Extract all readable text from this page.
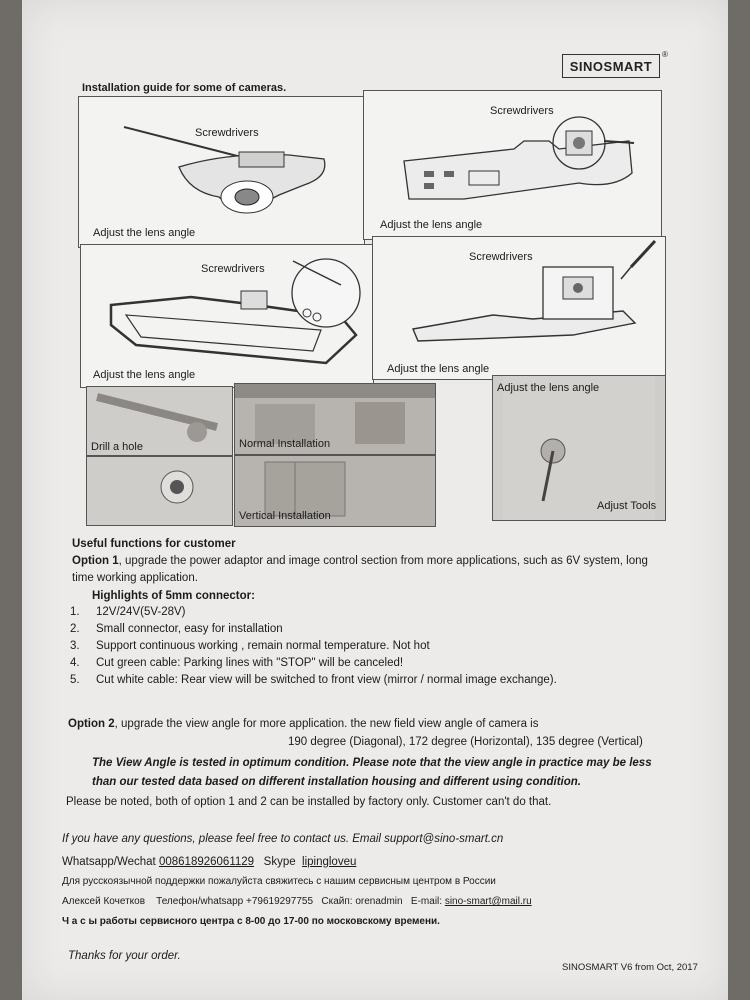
SINOSMART
®
Installation guide for some of cameras.
Screwdrivers
Adjust the lens angle
Screwdrivers
Adjust the lens angle
Screwdrivers
Adjust the lens angle
Screwdrivers
Adjust the lens angle
Drill a hole	Normal Installation
Vertical Installation
Adjust the lens angle
Adjust Tools
Useful functions for customer
Option 1, upgrade the power adaptor and image control section from more applications, such as 6V system, long
time working application.
Highlights of 5mm connector:
1.	12V/24V(5V-28V)
2.	Small connector, easy for installation
3.	Support continuous working , remain normal temperature. Not hot
4.	Cut green cable: Parking lines with "STOP" will be canceled!
5.	Cut white cable: Rear view will be switched to front view (mirror / normal image exchange).
Option 2, upgrade the view angle for more application. the new field view angle of camera is
190 degree (Diagonal), 172 degree (Horizontal), 135 degree (Vertical)
The View Angle is tested in optimum condition. Please note that the view angle in practice may be less
than our tested data based on different installation housing and different using condition.
Please be noted, both of option 1 and 2 can be installed by factory only. Customer can't do that.
If you have any questions, please feel free to contact us. Email support@sino-smart.cn
Whatsapp/Wechat 008618926061129 Skype lipingloveu
Для русскоязычной поддержки пожалуйста свяжитесь с нашим сервисным центром в России
Алексей Кочетков Телефон/whatsapp +79619297755 Скайп: orenadmin E-mail: sino-smart@mail.ru
Ч а с ы работы сервисного центра с 8-00 до 17-00 по московскому времени.
Thanks for your order.
SINOSMART V6 from Oct, 2017
